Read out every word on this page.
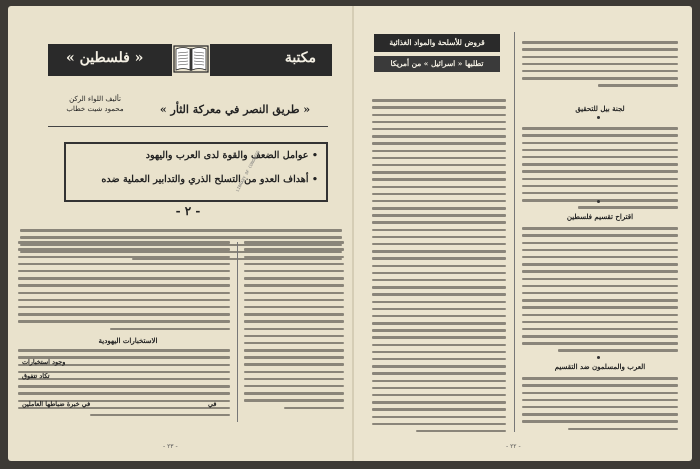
« فلسطين »	مكتبة
« طريق النصر في معركة الثأر »
تأليف اللواء الركن
محمود شيت خطاب
• عوامل الضعف والقوة لدى العرب واليهود
• أهداف العدو من التسلح الذري والتدابير العملية ضده
- ٢ -
LIBRARY OF CONGRESS
الاستخبارات اليهودية
وجود استخبارات
تكاد تتفوق
في خبرة ضباطها العاملين	في
- ٢٣ -
قروض للأسلحة والمواد الغذائية
تطلبها « اسرائيل » من أمريكا
لجنة بيل للتحقيق
اقتراح تقسيم فلسطين
العرب والمسلمون ضد التقسيم
- ٢٢ -
